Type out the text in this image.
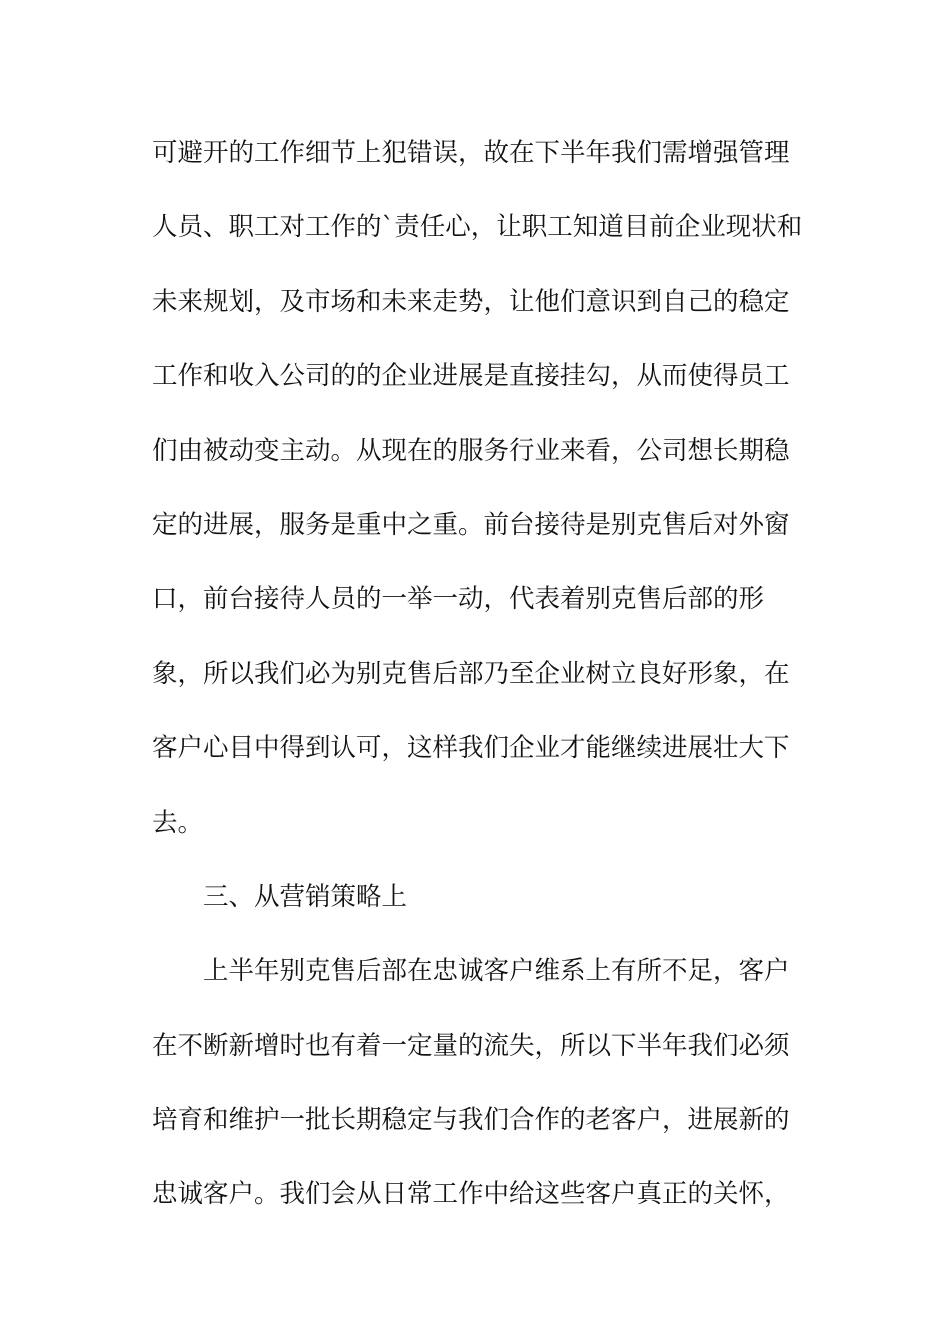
可避开的工作细节上犯错误，故在下半年我们需增强管理
人员、职工对工作的`责任心，让职工知道目前企业现状和
未来规划，及市场和未来走势，让他们意识到自己的稳定
工作和收入公司的的企业进展是直接挂勾，从而使得员工
们由被动变主动。从现在的服务行业来看，公司想长期稳
定的进展，服务是重中之重。前台接待是别克售后对外窗
口，前台接待人员的一举一动，代表着别克售后部的形
象，所以我们必为别克售后部乃至企业树立良好形象，在
客户心目中得到认可，这样我们企业才能继续进展壮大下
去。
三、从营销策略上
上半年别克售后部在忠诚客户维系上有所不足，客户
在不断新增时也有着一定量的流失，所以下半年我们必须
培育和维护一批长期稳定与我们合作的老客户，进展新的
忠诚客户。我们会从日常工作中给这些客户真正的关怀，
